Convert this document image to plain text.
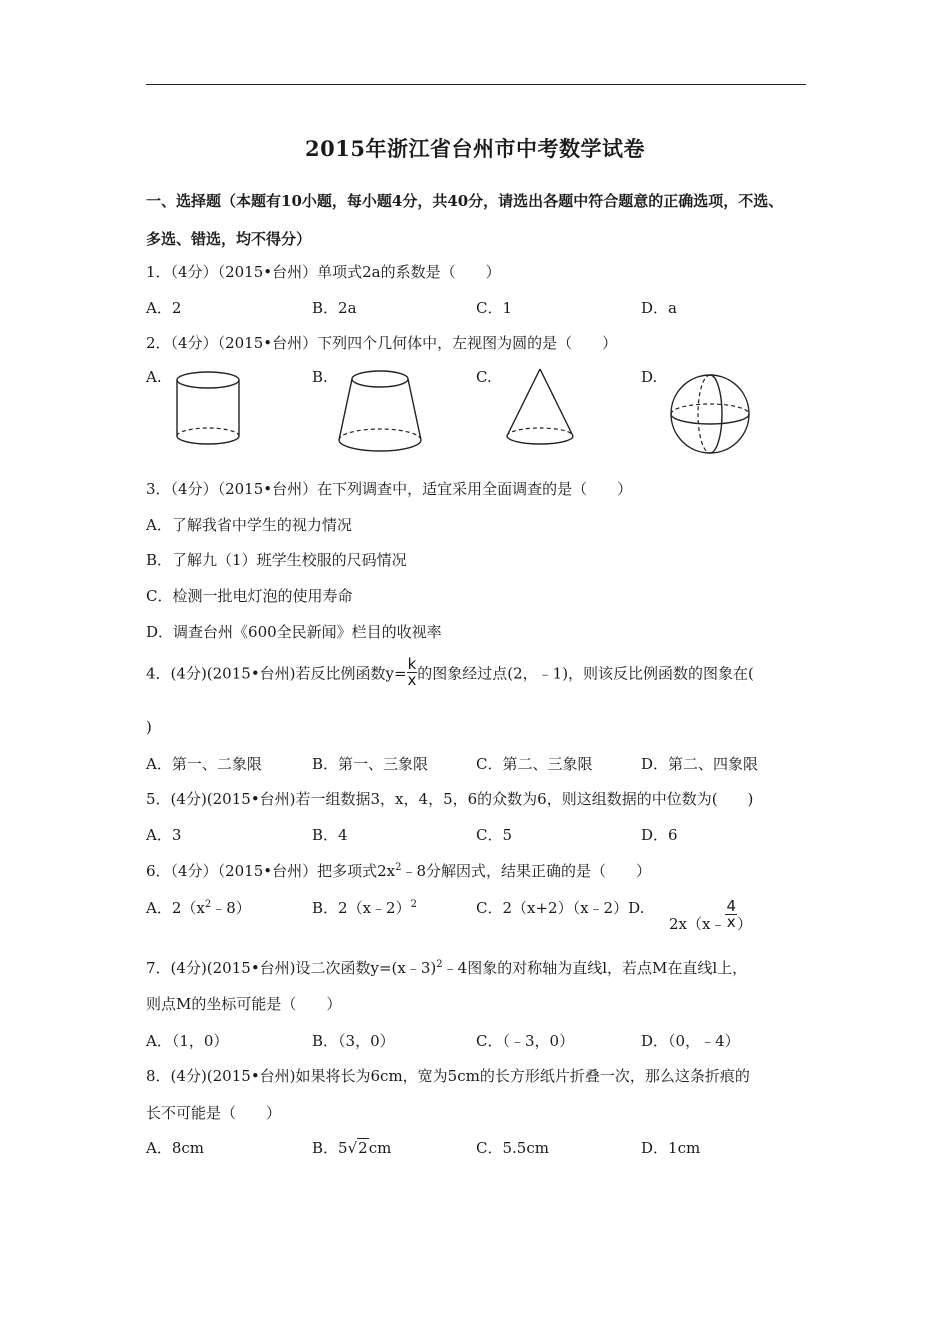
2015年浙江省台州市中考数学试卷
一、选择题（本题有10小题，每小题4分，共40分，请选出各题中符合题意的正确选项，不选、
多选、错选，均不得分）
1．（4分）（2015•台州）单项式2a的系数是（　　）
A．2	B．2a	C．1	D．a
2．（4分）（2015•台州）下列四个几何体中，左视图为圆的是（　　）
A.	B.	C.	D.
3．（4分）（2015•台州）在下列调查中，适宜采用全面调查的是（　　）
A．了解我省中学生的视力情况
B．了解九（1）班学生校服的尺码情况
C．检测一批电灯泡的使用寿命
D．调查台州《600全民新闻》栏目的收视率
4．(4分)(2015•台州)若反比例函数$y= \frac{k}{x}$ 的图象经过点(2，﹣1)，则该反比例函数的图象在(
)
A．第一、二象限	B．第一、三象限	C．第二、三象限	D．第二、四象限
5．(4分)(2015•台州)若一组数据3，x，4，5，6的众数为6，则这组数据的中位数为(　　)
A．3	B．4	C．5	D．6
6．（4分）（2015•台州）把多项式$2x^2﹣8$分解因式，结果正确的是（　　）
A．$2(x^2﹣8)$	B．2（x﹣2）$^2$	C．2（x+2）（x﹣2）D.
2x（x﹣ $\frac{4}{x}$ ）
7．(4分)(2015•台州)设二次函数y=(x﹣3)$^2$﹣4图象的对称轴为直线l，若点M在直线l上，
则点M的坐标可能是（　　）
A．（1，0）	B．（3，0）	C．（﹣3，0）	D．（0，﹣4）
8．(4分)(2015•台州)如果将长为6cm，宽为5cm的长方形纸片折叠一次，那么这条折痕的
长不可能是（　　）
A．8cm	B．5√2cm	C．5.5cm	D．1cm
